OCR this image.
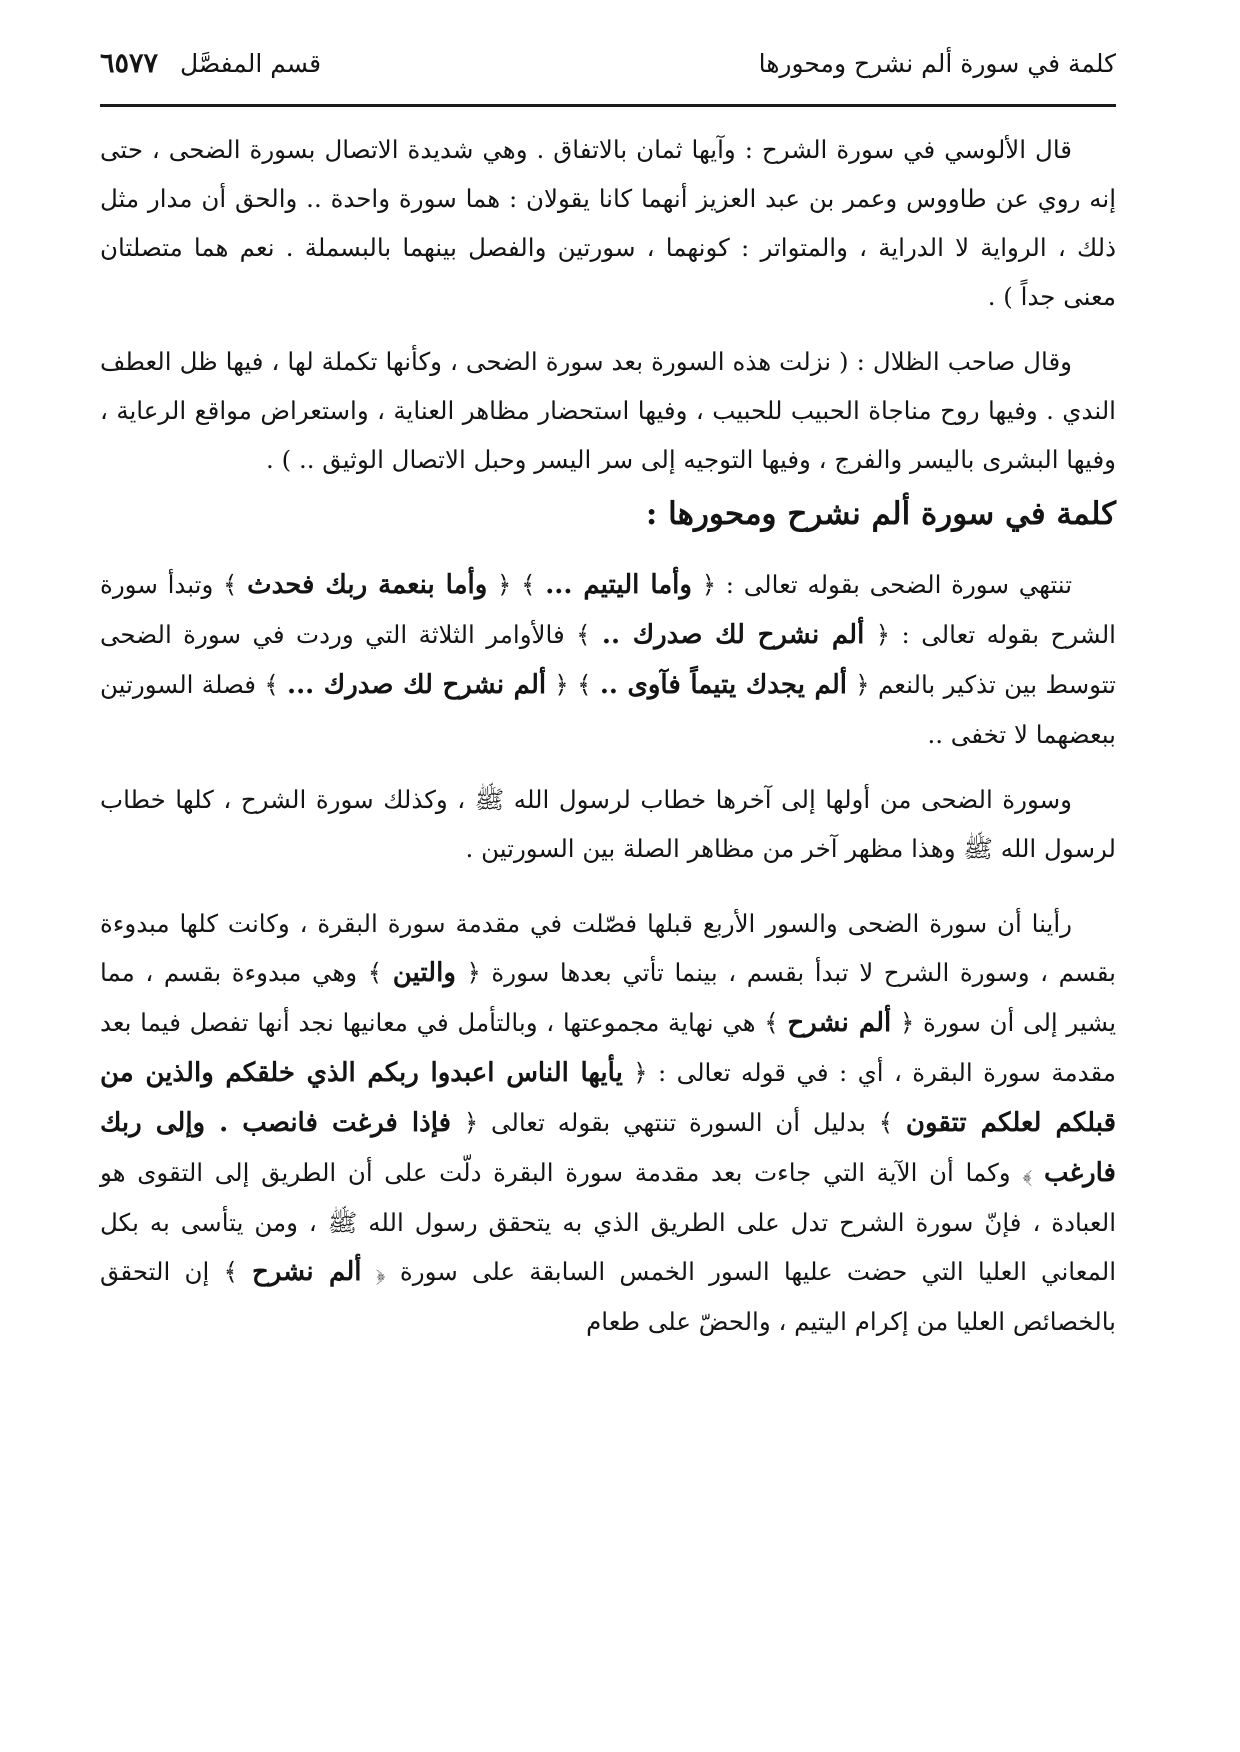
كلمة في سورة ألم نشرح ومحورها
قسم المفصَّل
٦٥٧٧

قال الألوسي في سورة الشرح : وآيها ثمان بالاتفاق . وهي شديدة الاتصال بسورة الضحى ، حتى إنه روي عن طاووس وعمر بن عبد العزيز أنهما كانا يقولان : هما سورة واحدة .. والحق أن مدار مثل ذلك ، الرواية لا الدراية ، والمتواتر : كونهما ، سورتين والفصل بينهما بالبسملة . نعم هما متصلتان معنى جداً ) .

وقال صاحب الظلال : ( نزلت هذه السورة بعد سورة الضحى ، وكأنها تكملة لها ، فيها ظل العطف الندي . وفيها روح مناجاة الحبيب للحبيب ، وفيها استحضار مظاهر العناية ، واستعراض مواقع الرعاية ، وفيها البشرى باليسر والفرج ، وفيها التوجيه إلى سر اليسر وحبل الاتصال الوثيق .. ) .

كلمة في سورة ألم نشرح ومحورها :

تنتهي سورة الضحى بقوله تعالى : ﴿ وأما اليتيم ... ﴾ ﴿ وأما بنعمة ربك فحدث ﴾ وتبدأ سورة الشرح بقوله تعالى : ﴿ ألم نشرح لك صدرك .. ﴾ فالأوامر الثلاثة التي وردت في سورة الضحى تتوسط بين تذكير بالنعم ﴿ ألم يجدك يتيماً فآوى .. ﴾ ﴿ ألم نشرح لك صدرك ... ﴾ فصلة السورتين ببعضهما لا تخفى ..

وسورة الضحى من أولها إلى آخرها خطاب لرسول الله ﷺ ، وكذلك سورة الشرح ، كلها خطاب لرسول الله ﷺ وهذا مظهر آخر من مظاهر الصلة بين السورتين .

رأينا أن سورة الضحى والسور الأربع قبلها فصّلت في مقدمة سورة البقرة ، وكانت كلها مبدوءة بقسم ، وسورة الشرح لا تبدأ بقسم ، بينما تأتي بعدها سورة ﴿ والتين ﴾ وهي مبدوءة بقسم ، مما يشير إلى أن سورة ﴿ ألم نشرح ﴾ هي نهاية مجموعتها ، وبالتأمل في معانيها نجد أنها تفصل فيما بعد مقدمة سورة البقرة ، أي : في قوله تعالى : ﴿ يأيها الناس اعبدوا ربكم الذي خلقكم والذين من قبلكم لعلكم تتقون ﴾ بدليل أن السورة تنتهي بقوله تعالى ﴿ فإذا فرغت فانصب . وإلى ربك فارغب ﴾ وكما أن الآية التي جاءت بعد مقدمة سورة البقرة دلّت على أن الطريق إلى التقوى هو العبادة ، فإنّ سورة الشرح تدل على الطريق الذي به يتحقق رسول الله ﷺ ، ومن يتأسى به بكل المعاني العليا التي حضت عليها السور الخمس السابقة على سورة ﴿ ألم نشرح ﴾ إن التحقق بالخصائص العليا من إكرام اليتيم ، والحضّ على طعام
